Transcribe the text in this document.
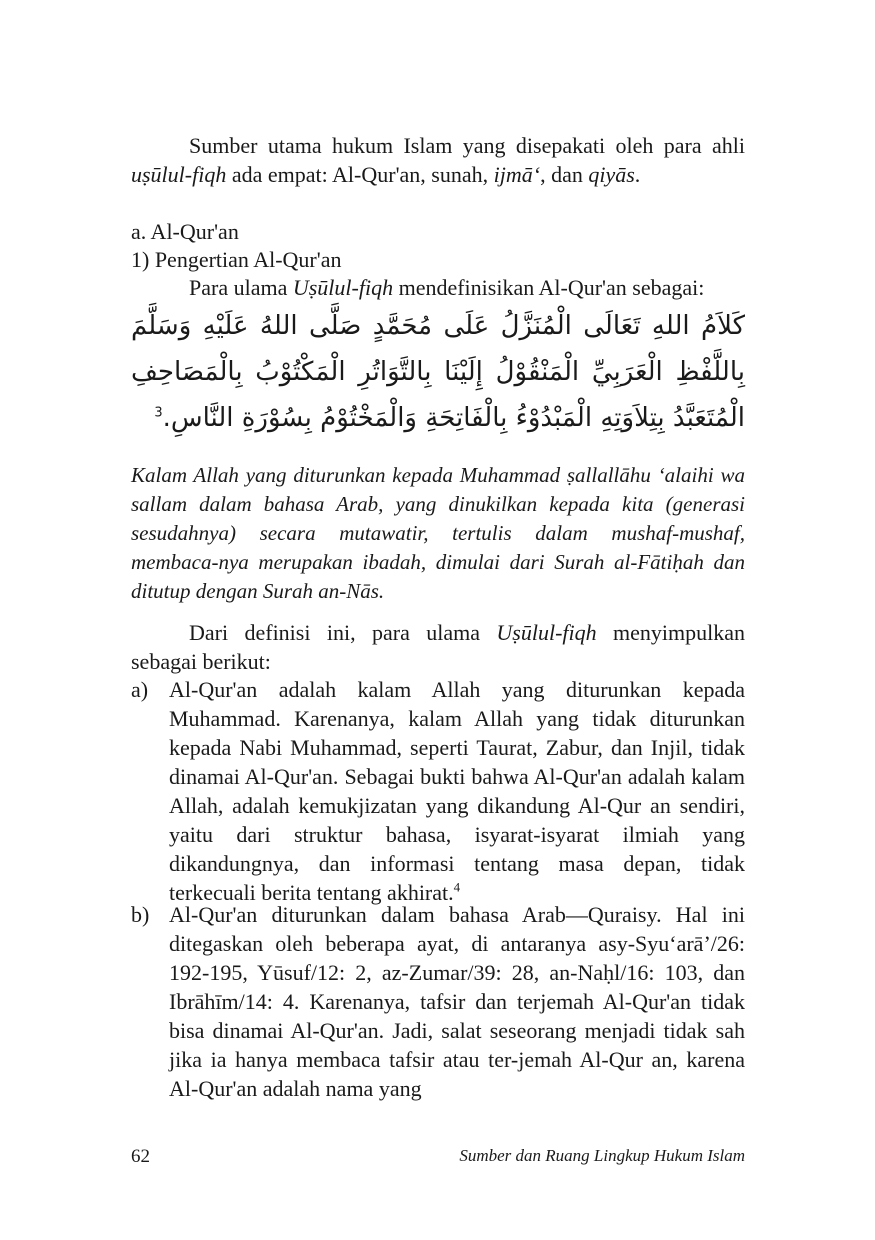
Sumber utama hukum Islam yang disepakati oleh para ahli uṣūlul-fiqh ada empat: Al-Qur'an, sunah, ijmā‘, dan qiyās.

a. Al-Qur'an

1) Pengertian Al-Qur'an

Para ulama Uṣūlul-fiqh mendefinisikan Al-Qur'an sebagai:

كَلاَمُ اللهِ تَعَالَى الْمُنَزَّلُ عَلَى مُحَمَّدٍ صَلَّى اللهُ عَلَيْهِ وَسَلَّمَ بِاللَّفْظِ الْعَرَبِيِّ الْمَنْقُوْلُ إِلَيْنَا بِالتَّوَاتُرِ الْمَكْتُوْبُ بِالْمَصَاحِفِ الْمُتَعَبَّدُ بِتِلاَوَتِهِ الْمَبْدُوْءُ بِالْفَاتِحَةِ وَالْمَخْتُوْمُ بِسُوْرَةِ النَّاسِ.$^3$

Kalam Allah yang diturunkan kepada Muhammad ṣallallāhu ‘alaihi wa sallam dalam bahasa Arab, yang dinukilkan kepada kita (generasi sesudahnya) secara mutawatir, tertulis dalam mushaf-mushaf, membaca-nya merupakan ibadah, dimulai dari Surah al-Fātiḥah dan ditutup dengan Surah an-Nās.

Dari definisi ini, para ulama Uṣūlul-fiqh menyimpulkan sebagai berikut:

a) Al-Qur'an adalah kalam Allah yang diturunkan kepada Muhammad. Karenanya, kalam Allah yang tidak diturunkan kepada Nabi Muhammad, seperti Taurat, Zabur, dan Injil, tidak dinamai Al-Qur'an. Sebagai bukti bahwa Al-Qur'an adalah kalam Allah, adalah kemukjizatan yang dikandung Al-Qur an sendiri, yaitu dari struktur bahasa, isyarat-isyarat ilmiah yang dikandungnya, dan informasi tentang masa depan, tidak terkecuali berita tentang akhirat.$^4$

b) Al-Qur'an diturunkan dalam bahasa Arab—Quraisy. Hal ini ditegaskan oleh beberapa ayat, di antaranya asy-Syu‘arā’/26: 192-195, Yūsuf/12: 2, az-Zumar/39: 28, an-Naḥl/16: 103, dan Ibrāhīm/14: 4. Karenanya, tafsir dan terjemah Al-Qur'an tidak bisa dinamai Al-Qur'an. Jadi, salat seseorang menjadi tidak sah jika ia hanya membaca tafsir atau ter-jemah Al-Qur an, karena Al-Qur'an adalah nama yang

62	Sumber dan Ruang Lingkup Hukum Islam
